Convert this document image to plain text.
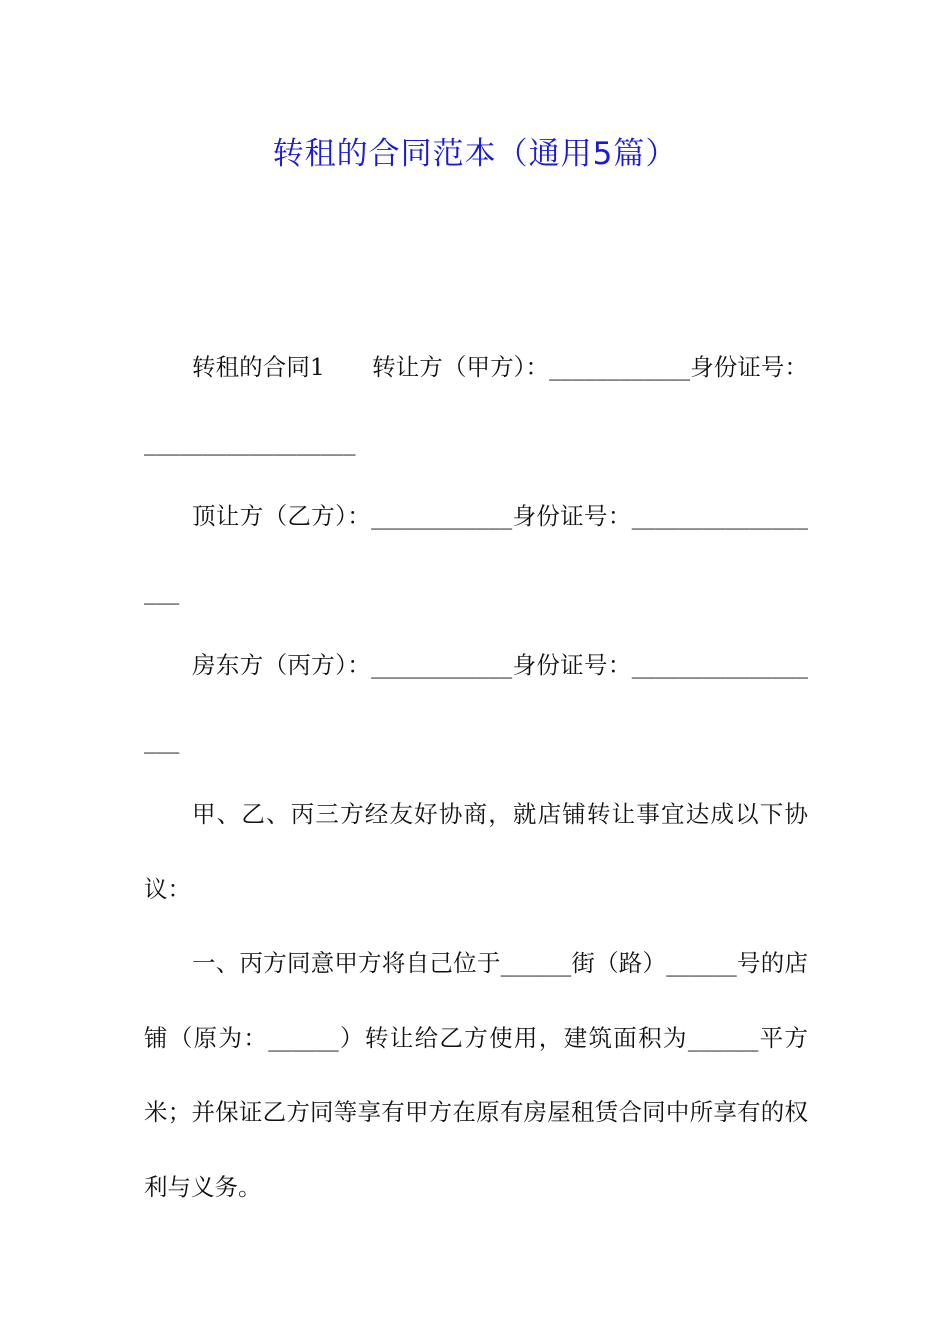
转租的合同范本（通用5篇）

转租的合同1　　转让方（甲方）：____________身份证号：__________________

顶让方（乙方）：____________身份证号：__________________

房东方（丙方）：____________身份证号：__________________

甲、乙、丙三方经友好协商，就店铺转让事宜达成以下协议：

一、丙方同意甲方将自己位于______街（路）______号的店铺（原为：______）转让给乙方使用，建筑面积为______平方米；并保证乙方同等享有甲方在原有房屋租赁合同中所享有的权利与义务。
